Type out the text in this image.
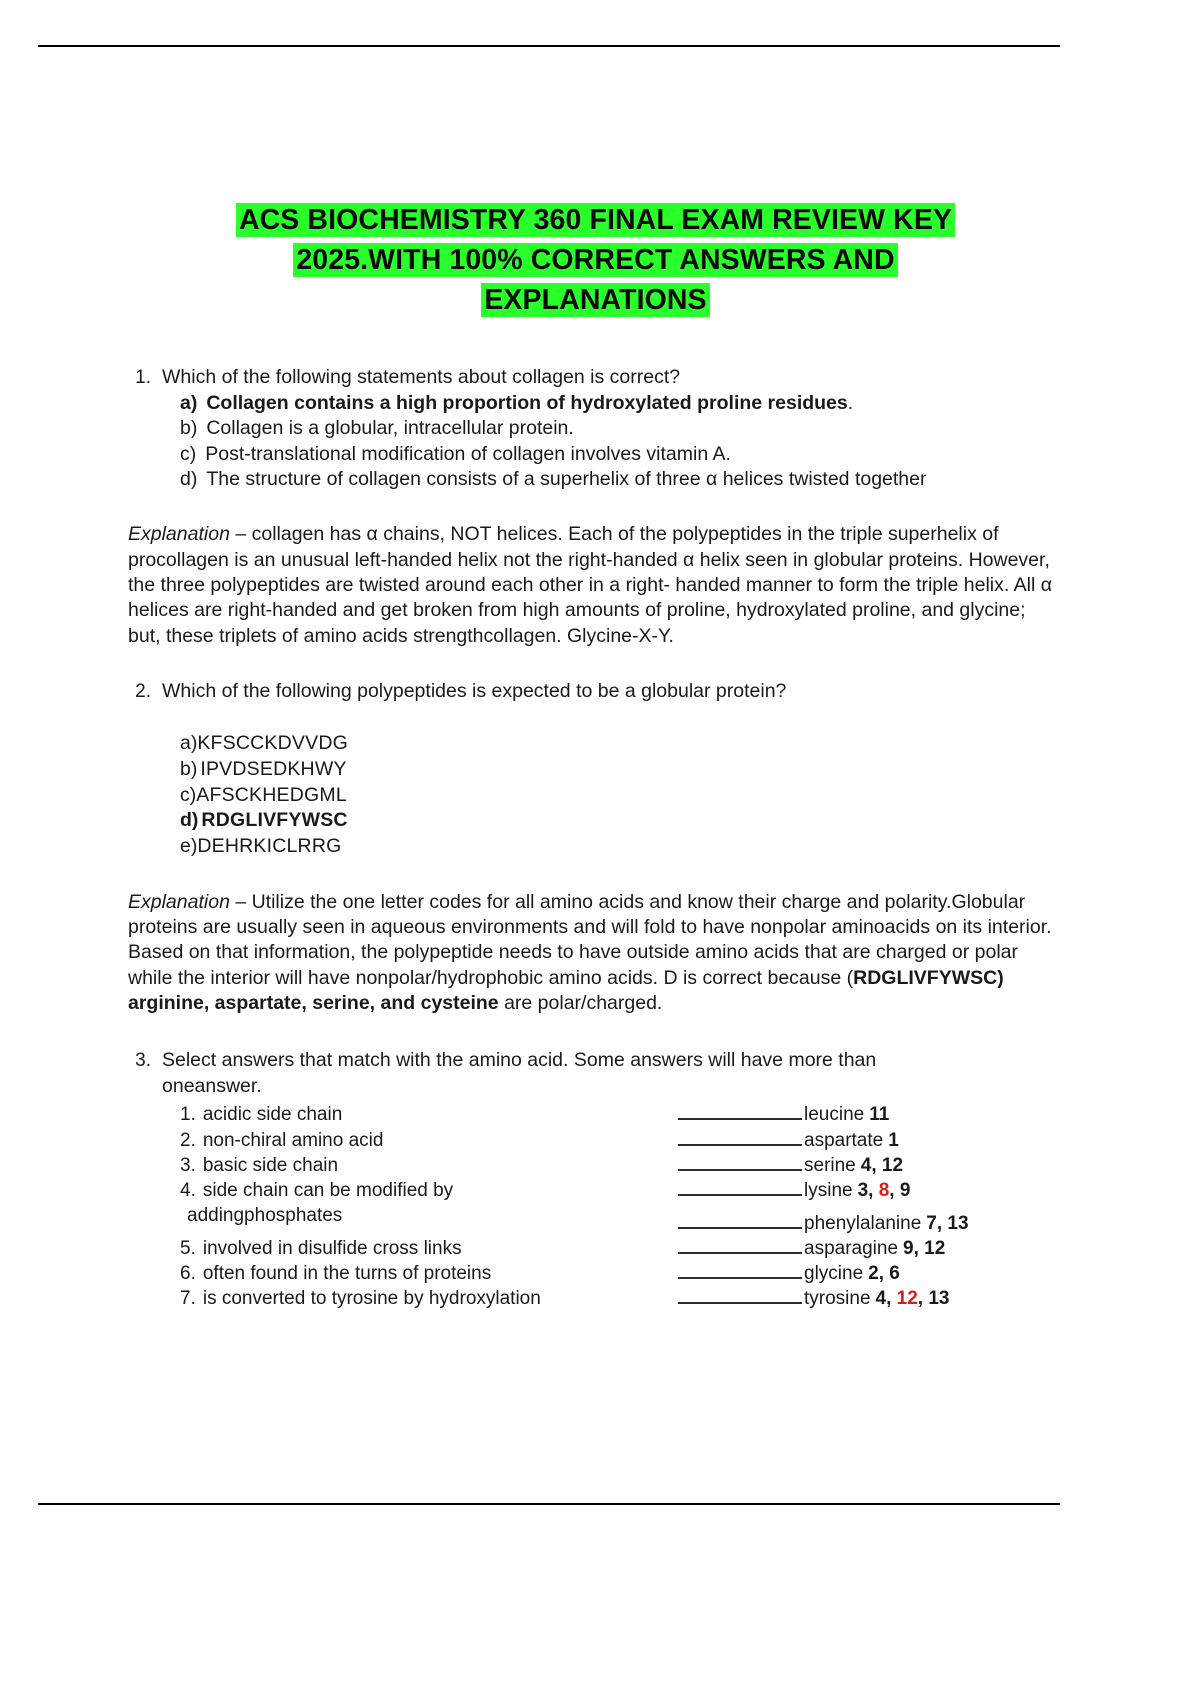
ACS BIOCHEMISTRY 360 FINAL EXAM REVIEW KEY
2025.WITH 100% CORRECT ANSWERS AND
EXPLANATIONS
1. Which of the following statements about collagen is correct?
a) Collagen contains a high proportion of hydroxylated proline residues.
b) Collagen is a globular, intracellular protein.
c) Post-translational modification of collagen involves vitamin A.
d) The structure of collagen consists of a superhelix of three α helices twisted together

Explanation – collagen has α chains, NOT helices. Each of the polypeptides in the triple superhelix of procollagen is an unusual left-handed helix not the right-handed α helix seen in globular proteins. However, the three polypeptides are twisted around each other in a right- handed manner to form the triple helix. All α helices are right-handed and get broken from high amounts of proline, hydroxylated proline, and glycine; but, these triplets of amino acids strengthcollagen. Glycine-X-Y.

2. Which of the following polypeptides is expected to be a globular protein?
a) KFSCCKDVVDG
b) IPVDSEDKHWY
c) AFSCKHEDGML
d) RDGLIVFYWSC
e) DEHRKICLRRG

Explanation – Utilize the one letter codes for all amino acids and know their charge and polarity.Globular proteins are usually seen in aqueous environments and will fold to have nonpolar aminoacids on its interior. Based on that information, the polypeptide needs to have outside amino acids that are charged or polar while the interior will have nonpolar/hydrophobic amino acids. D is correct because (RDGLIVFYWSC) arginine, aspartate, serine, and cysteine are polar/charged.

3. Select answers that match with the amino acid. Some answers will have more than oneanswer.
1. acidic side chain	leucine 11
2. non-chiral amino acid	aspartate 1
3. basic side chain	serine 4, 12
4. side chain can be modified by	lysine 3, 8, 9
addingphosphates	phenylalanine 7, 13
5. involved in disulfide cross links	asparagine 9, 12
6. often found in the turns of proteins	glycine 2, 6
7. is converted to tyrosine by hydroxylation	tyrosine 4, 12, 13
